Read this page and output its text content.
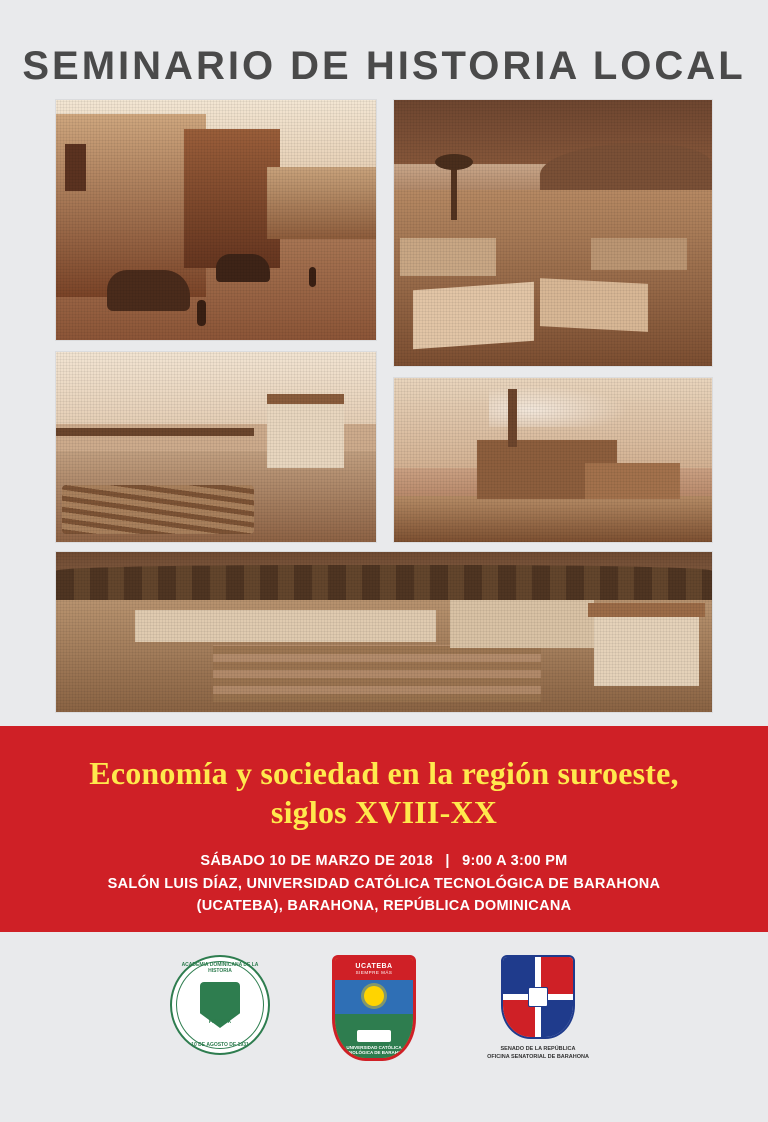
SEMINARIO DE HISTORIA LOCAL
Economía y sociedad en la región suroeste,
siglos XVIII-XX
SÁBADO 10 DE MARZO DE 2018 | 9:00 A 3:00 PM
SALÓN LUIS DÍAZ, UNIVERSIDAD CATÓLICA TECNOLÓGICA DE BARAHONA
(UCATEBA), BARAHONA, REPÚBLICA DOMINICANA
ACADEMIA DOMINICANA DE LA HISTORIA
10 DE AGOSTO DE 1931
FIAT LUX
UCATEBA
SIEMPRE MÁS
UNIVERSIDAD CATÓLICA TECNOLÓGICA DE BARAHONA
SENADO DE LA REPÚBLICA
OFICINA SENATORIAL DE BARAHONA
